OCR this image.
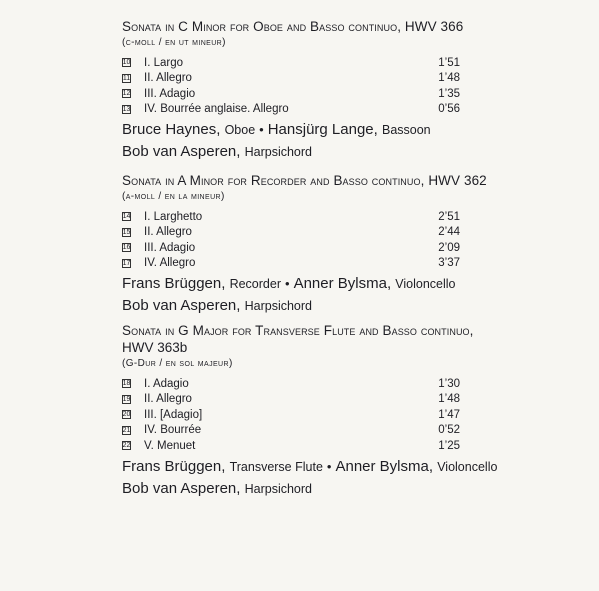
Sonata in C Minor for Oboe and Basso continuo, HWV 366
(c-moll / en ut mineur)
10 I. Largo	1’51
11 II. Allegro	1’48
12 III. Adagio	1’35
13 IV. Bourrée anglaise. Allegro	0’56
Bruce Haynes, Oboe • Hansjürg Lange, Bassoon
Bob van Asperen, Harpsichord
Sonata in A Minor for Recorder and Basso continuo, HWV 362
(a-moll / en la mineur)
14 I. Larghetto	2’51
15 II. Allegro	2’44
16 III. Adagio	2’09
17 IV. Allegro	3’37
Frans Brüggen, Recorder • Anner Bylsma, Violoncello
Bob van Asperen, Harpsichord
Sonata in G Major for Transverse Flute and Basso continuo,
HWV 363b
(G-Dur / en sol majeur)
18 I. Adagio	1’30
19 II. Allegro	1’48
20 III. [Adagio]	1’47
21 IV. Bourrée	0’52
22 V. Menuet	1’25
Frans Brüggen, Transverse Flute • Anner Bylsma, Violoncello
Bob van Asperen, Harpsichord
